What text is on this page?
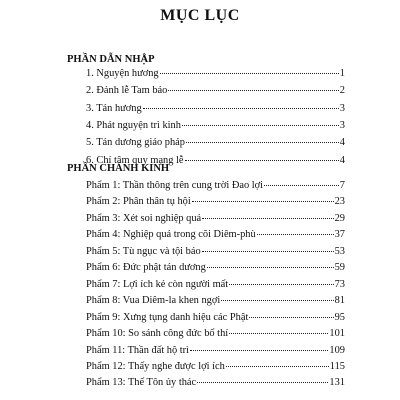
MỤC LỤC
PHẦN DẪN NHẬP
PHẦN CHÁNH KINH
1. Nguyện hương	1
2. Đảnh lễ Tam bảo	2
3. Tán hương	3
4. Phát nguyện trì kinh	3
5. Tán dương giáo pháp	4
6. Chí tâm quy mạng lễ	4
Phẩm 1: Thần thông trên cung trời Đao lợi	7
Phẩm 2: Phân thân tụ hội	23
Phẩm 3: Xét soi nghiệp quả	29
Phẩm 4: Nghiệp quả trong cõi Diêm-phù	37
Phẩm 5: Tù ngục và tội báo	53
Phẩm 6: Đức phật tán dương	59
Phẩm 7: Lợi ích kẻ còn người mất	73
Phẩm 8: Vua Diêm-la khen ngợi	81
Phẩm 9: Xưng tụng danh hiệu các Phật	95
Phẩm 10: So sánh công đức bố thí	101
Phẩm 11: Thần đất hộ trì	109
Phẩm 12: Thấy nghe được lợi ích	115
Phẩm 13: Thế Tôn ủy thác	131
